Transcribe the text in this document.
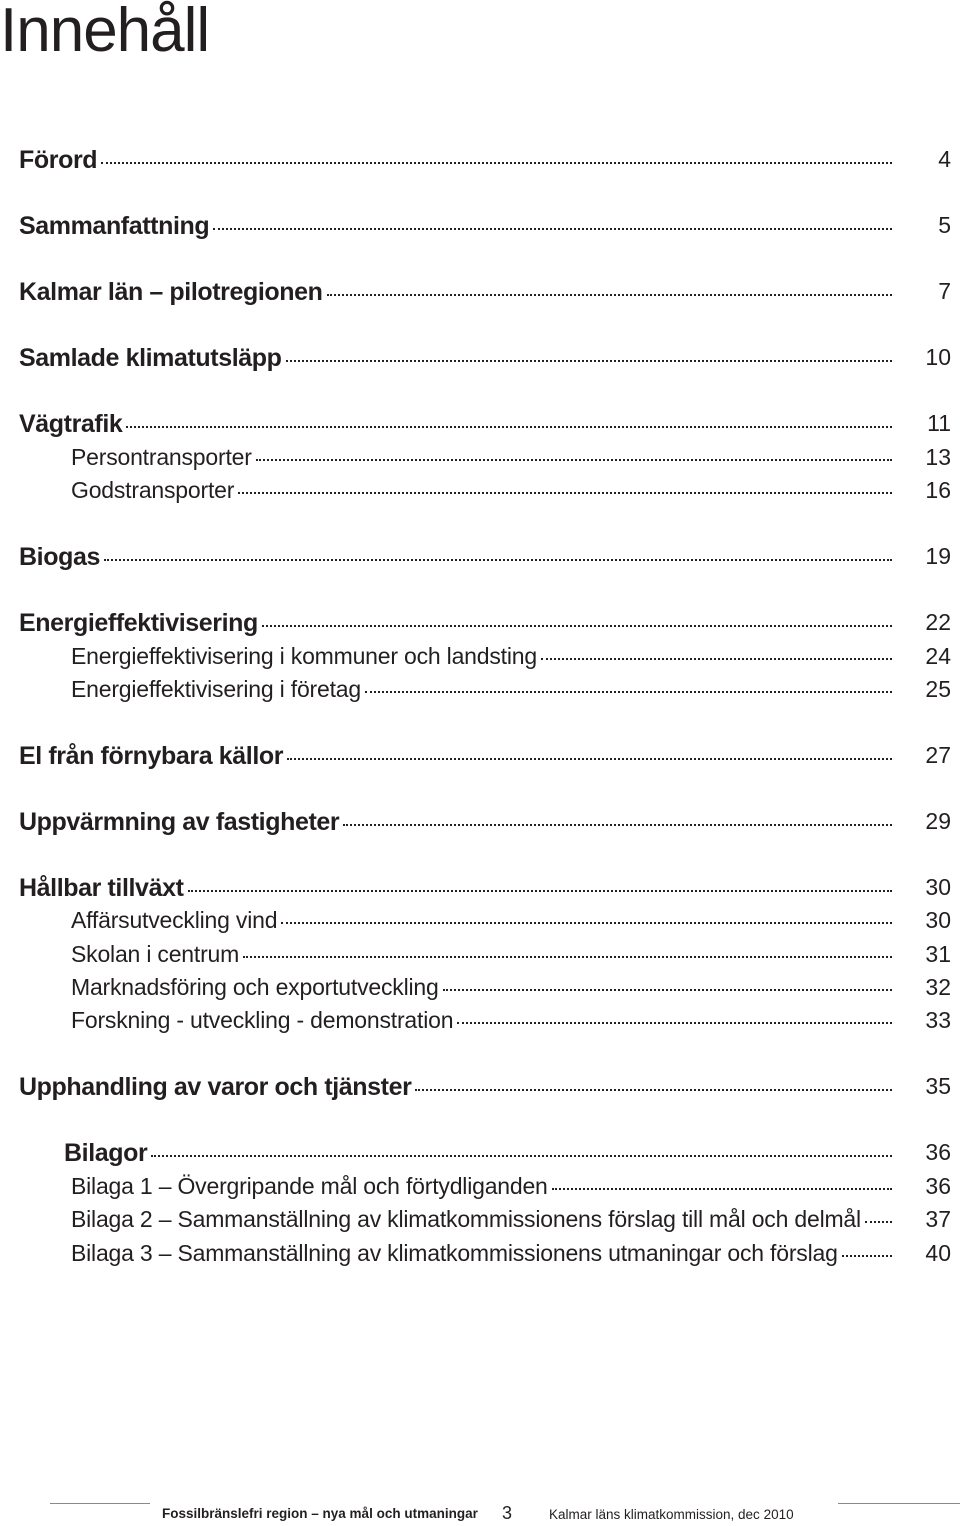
Innehåll
Förord	4
Sammanfattning	5
Kalmar län – pilotregionen	7
Samlade klimatutsläpp	10
Vägtrafik	11
Persontransporter	13
Godstransporter	16
Biogas	19
Energieffektivisering	22
Energieffektivisering i kommuner och landsting	24
Energieffektivisering i företag	25
El från förnybara källor	27
Uppvärmning av fastigheter	29
Hållbar tillväxt	30
Affärsutveckling vind	30
Skolan i centrum	31
Marknadsföring och exportutveckling	32
Forskning - utveckling - demonstration	33
Upphandling av varor och tjänster	35
Bilagor	36
Bilaga 1 – Övergripande mål och förtydliganden	36
Bilaga 2 – Sammanställning av klimatkommissionens förslag till mål och delmål	37
Bilaga 3 – Sammanställning av klimatkommissionens utmaningar och förslag	40
Fossilbränslefri region – nya mål och utmaningar 3	Kalmar läns klimatkommission, dec 2010
